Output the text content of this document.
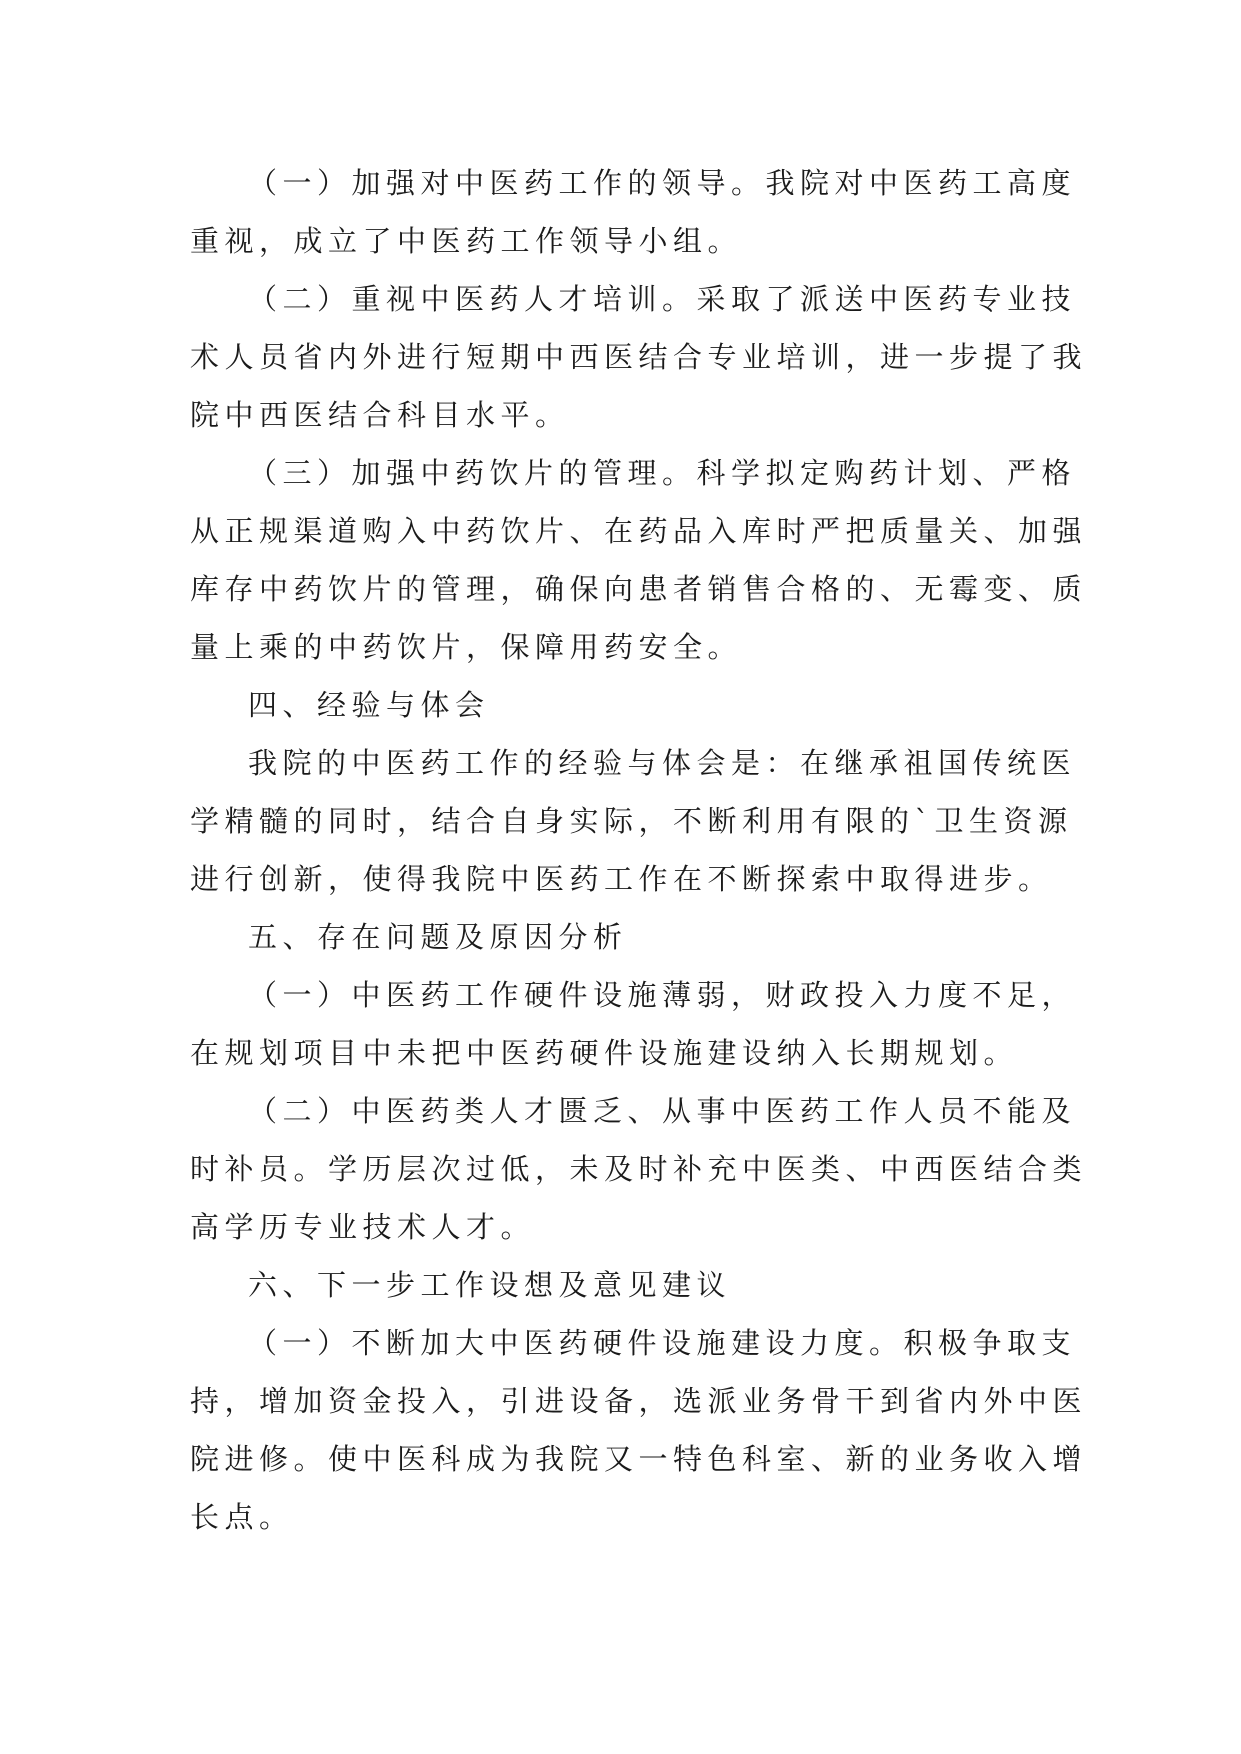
（一）加强对中医药工作的领导。我院对中医药工高度
重视，成立了中医药工作领导小组。
（二）重视中医药人才培训。采取了派送中医药专业技
术人员省内外进行短期中西医结合专业培训，进一步提了我
院中西医结合科目水平。
（三）加强中药饮片的管理。科学拟定购药计划、严格
从正规渠道购入中药饮片、在药品入库时严把质量关、加强
库存中药饮片的管理，确保向患者销售合格的、无霉变、质
量上乘的中药饮片，保障用药安全。
四、经验与体会
我院的中医药工作的经验与体会是：在继承祖国传统医
学精髓的同时，结合自身实际，不断利用有限的`卫生资源
进行创新，使得我院中医药工作在不断探索中取得进步。
五、存在问题及原因分析
（一）中医药工作硬件设施薄弱，财政投入力度不足，
在规划项目中未把中医药硬件设施建设纳入长期规划。
（二）中医药类人才匮乏、从事中医药工作人员不能及
时补员。学历层次过低，未及时补充中医类、中西医结合类
高学历专业技术人才。
六、下一步工作设想及意见建议
（一）不断加大中医药硬件设施建设力度。积极争取支
持，增加资金投入，引进设备，选派业务骨干到省内外中医
院进修。使中医科成为我院又一特色科室、新的业务收入增
长点。
